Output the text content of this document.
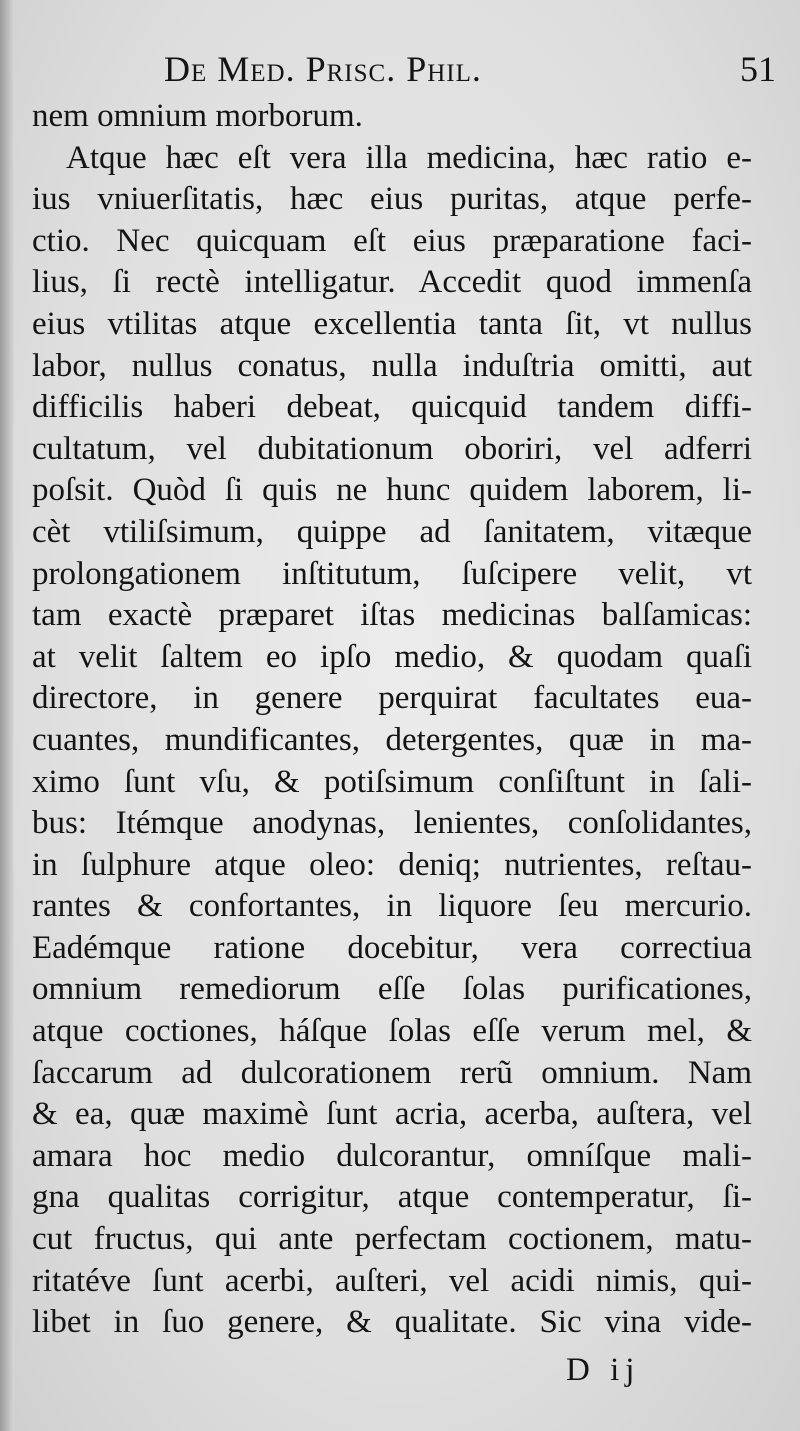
De Med. Prisc. Phil.	51
nem omnium morborum.
Atque hæc eſt vera illa medicina, hæc ratio e-
ius vniuerſitatis, hæc eius puritas, atque perfe-
ctio. Nec quicquam eſt eius præparatione faci-
lius, ſi rectè intelligatur. Accedit quod immenſa
eius vtilitas atque excellentia tanta ſit, vt nullus
labor, nullus conatus, nulla induſtria omitti, aut
difficilis haberi debeat, quicquid tandem diffi-
cultatum, vel dubitationum oboriri, vel adferri
poſsit. Quòd ſi quis ne hunc quidem laborem, li-
cèt vtiliſsimum, quippe ad ſanitatem, vitæque
prolongationem inſtitutum, ſuſcipere velit, vt
tam exactè præparet iſtas medicinas balſamicas:
at velit ſaltem eo ipſo medio, & quodam quaſi
directore, in genere perquirat facultates eua-
cuantes, mundificantes, detergentes, quæ in ma-
ximo ſunt vſu, & potiſsimum conſiſtunt in ſali-
bus: Itémque anodynas, lenientes, conſolidantes,
in ſulphure atque oleo: deniq; nutrientes, reſtau-
rantes & confortantes, in liquore ſeu mercurio.
Eadémque ratione docebitur, vera correctiua
omnium remediorum eſſe ſolas purificationes,
atque coctiones, háſque ſolas eſſe verum mel, &
ſaccarum ad dulcorationem rerũ omnium. Nam
& ea, quæ maximè ſunt acria, acerba, auſtera, vel
amara hoc medio dulcorantur, omníſque mali-
gna qualitas corrigitur, atque contemperatur, ſi-
cut fructus, qui ante perfectam coctionem, matu-
ritatéve ſunt acerbi, auſteri, vel acidi nimis, qui-
libet in ſuo genere, & qualitate. Sic vina vide-
D ij
